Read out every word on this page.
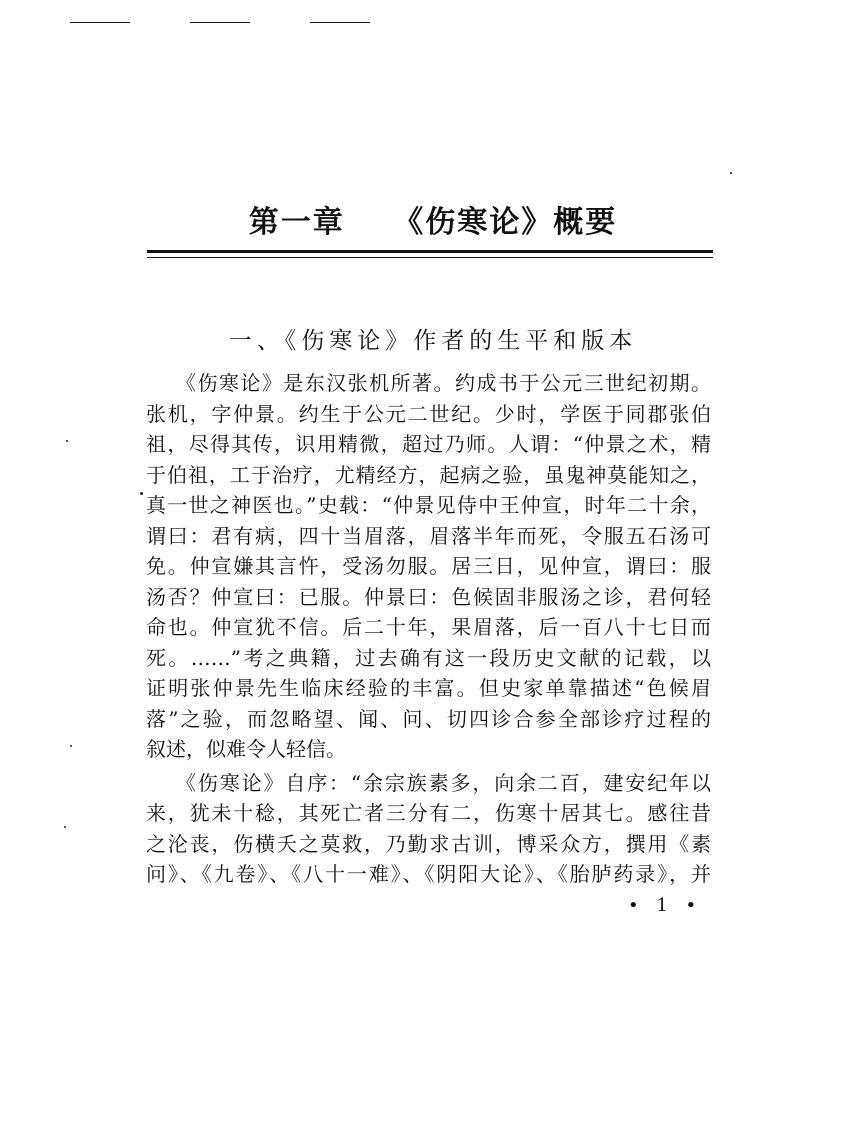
第一章 《伤寒论》概要
一、《伤寒论》作者的生平和版本
《伤寒论》是东汉张机所著。约成书于公元三世纪初期。
张机，字仲景。约生于公元二世纪。少时，学医于同郡张伯
祖，尽得其传，识用精微，超过乃师。人谓：“仲景之术，精
于伯祖，工于治疗，尤精经方，起病之验，虽鬼神莫能知之，
真一世之神医也。”史载：“仲景见侍中王仲宣，时年二十余，
谓曰：君有病，四十当眉落，眉落半年而死，令服五石汤可
免。仲宣嫌其言忤，受汤勿服。居三日，见仲宣，谓曰：服
汤否？仲宣曰：已服。仲景曰：色候固非服汤之诊，君何轻
命也。仲宣犹不信。后二十年，果眉落，后一百八十七日而
死。……”考之典籍，过去确有这一段历史文献的记载，以
证明张仲景先生临床经验的丰富。但史家单靠描述“色候眉
落”之验，而忽略望、闻、问、切四诊合参全部诊疗过程的
叙述，似难令人轻信。
《伤寒论》自序：“余宗族素多，向余二百，建安纪年以
来，犹未十稔，其死亡者三分有二，伤寒十居其七。感往昔
之沦丧，伤横夭之莫救，乃勤求古训，博采众方，撰用《素
问》、《九卷》、《八十一难》、《阴阳大论》、《胎胪药录》，并
• 1 •
